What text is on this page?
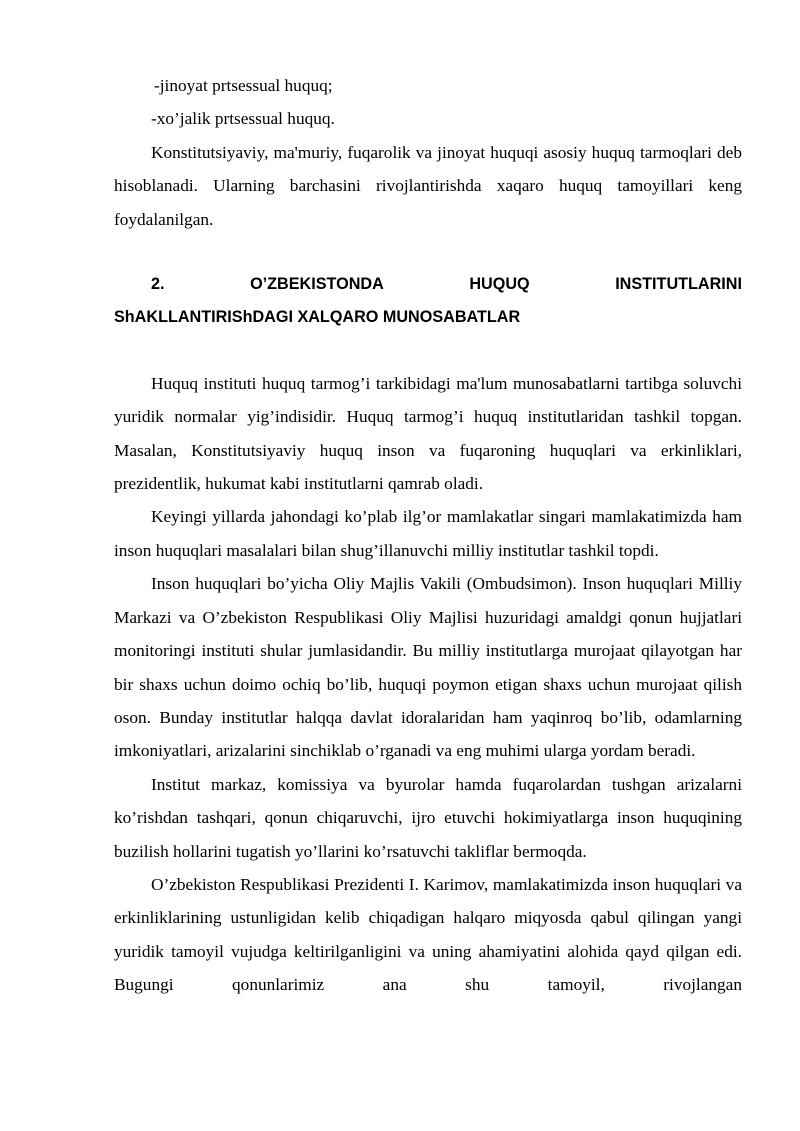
-jinoyat prtsessual huquq;

-xo’jalik prtsessual huquq.

Konstitutsiyaviy, ma'muriy, fuqarolik va jinoyat huquqi asosiy huquq tarmoqlari deb hisoblanadi. Ularning barchasini rivojlantirishda xaqaro huquq tamoyillari keng foydalanilgan.

2.	O’ZBEKISTONDA	HUQUQ	INSTITUTLARINI

ShAKLLANTIRIShDAGI XALQARO MUNOSABATLAR

Huquq instituti huquq tarmog’i tarkibidagi ma'lum munosabatlarni tartibga soluvchi yuridik normalar yig’indisidir. Huquq tarmog’i huquq institutlaridan tashkil topgan. Masalan, Konstitutsiyaviy huquq inson va fuqaroning huquqlari va erkinliklari, prezidentlik, hukumat kabi institutlarni qamrab oladi.

Keyingi yillarda jahondagi ko’plab ilg’or mamlakatlar singari mamlakatimizda ham inson huquqlari masalalari bilan shug’illanuvchi milliy institutlar tashkil topdi.

Inson huquqlari bo’yicha Oliy Majlis Vakili (Ombudsimon). Inson huquqlari Milliy Markazi va O’zbekiston Respublikasi Oliy Majlisi huzuridagi amaldgi qonun hujjatlari monitoringi instituti shular jumlasidandir. Bu milliy institutlarga murojaat qilayotgan har bir shaxs uchun doimo ochiq bo’lib, huquqi poymon etigan shaxs uchun murojaat qilish oson. Bunday institutlar halqqa davlat idoralaridan ham yaqinroq bo’lib, odamlarning imkoniyatlari, arizalarini sinchiklab o’rganadi va eng muhimi ularga yordam beradi.

Institut markaz, komissiya va byurolar hamda fuqarolardan tushgan arizalarni ko’rishdan tashqari, qonun chiqaruvchi, ijro etuvchi hokimiyatlarga inson huquqining buzilish hollarini tugatish yo’llarini ko’rsatuvchi takliflar bermoqda.

O’zbekiston Respublikasi Prezidenti I. Karimov, mamlakatimizda inson huquqlari va erkinliklarining ustunligidan kelib chiqadigan halqaro miqyosda qabul qilingan yangi yuridik tamoyil vujudga keltirilganligini va uning ahamiyatini alohida qayd qilgan edi. Bugungi qonunlarimiz ana shu tamoyil, rivojlangan
